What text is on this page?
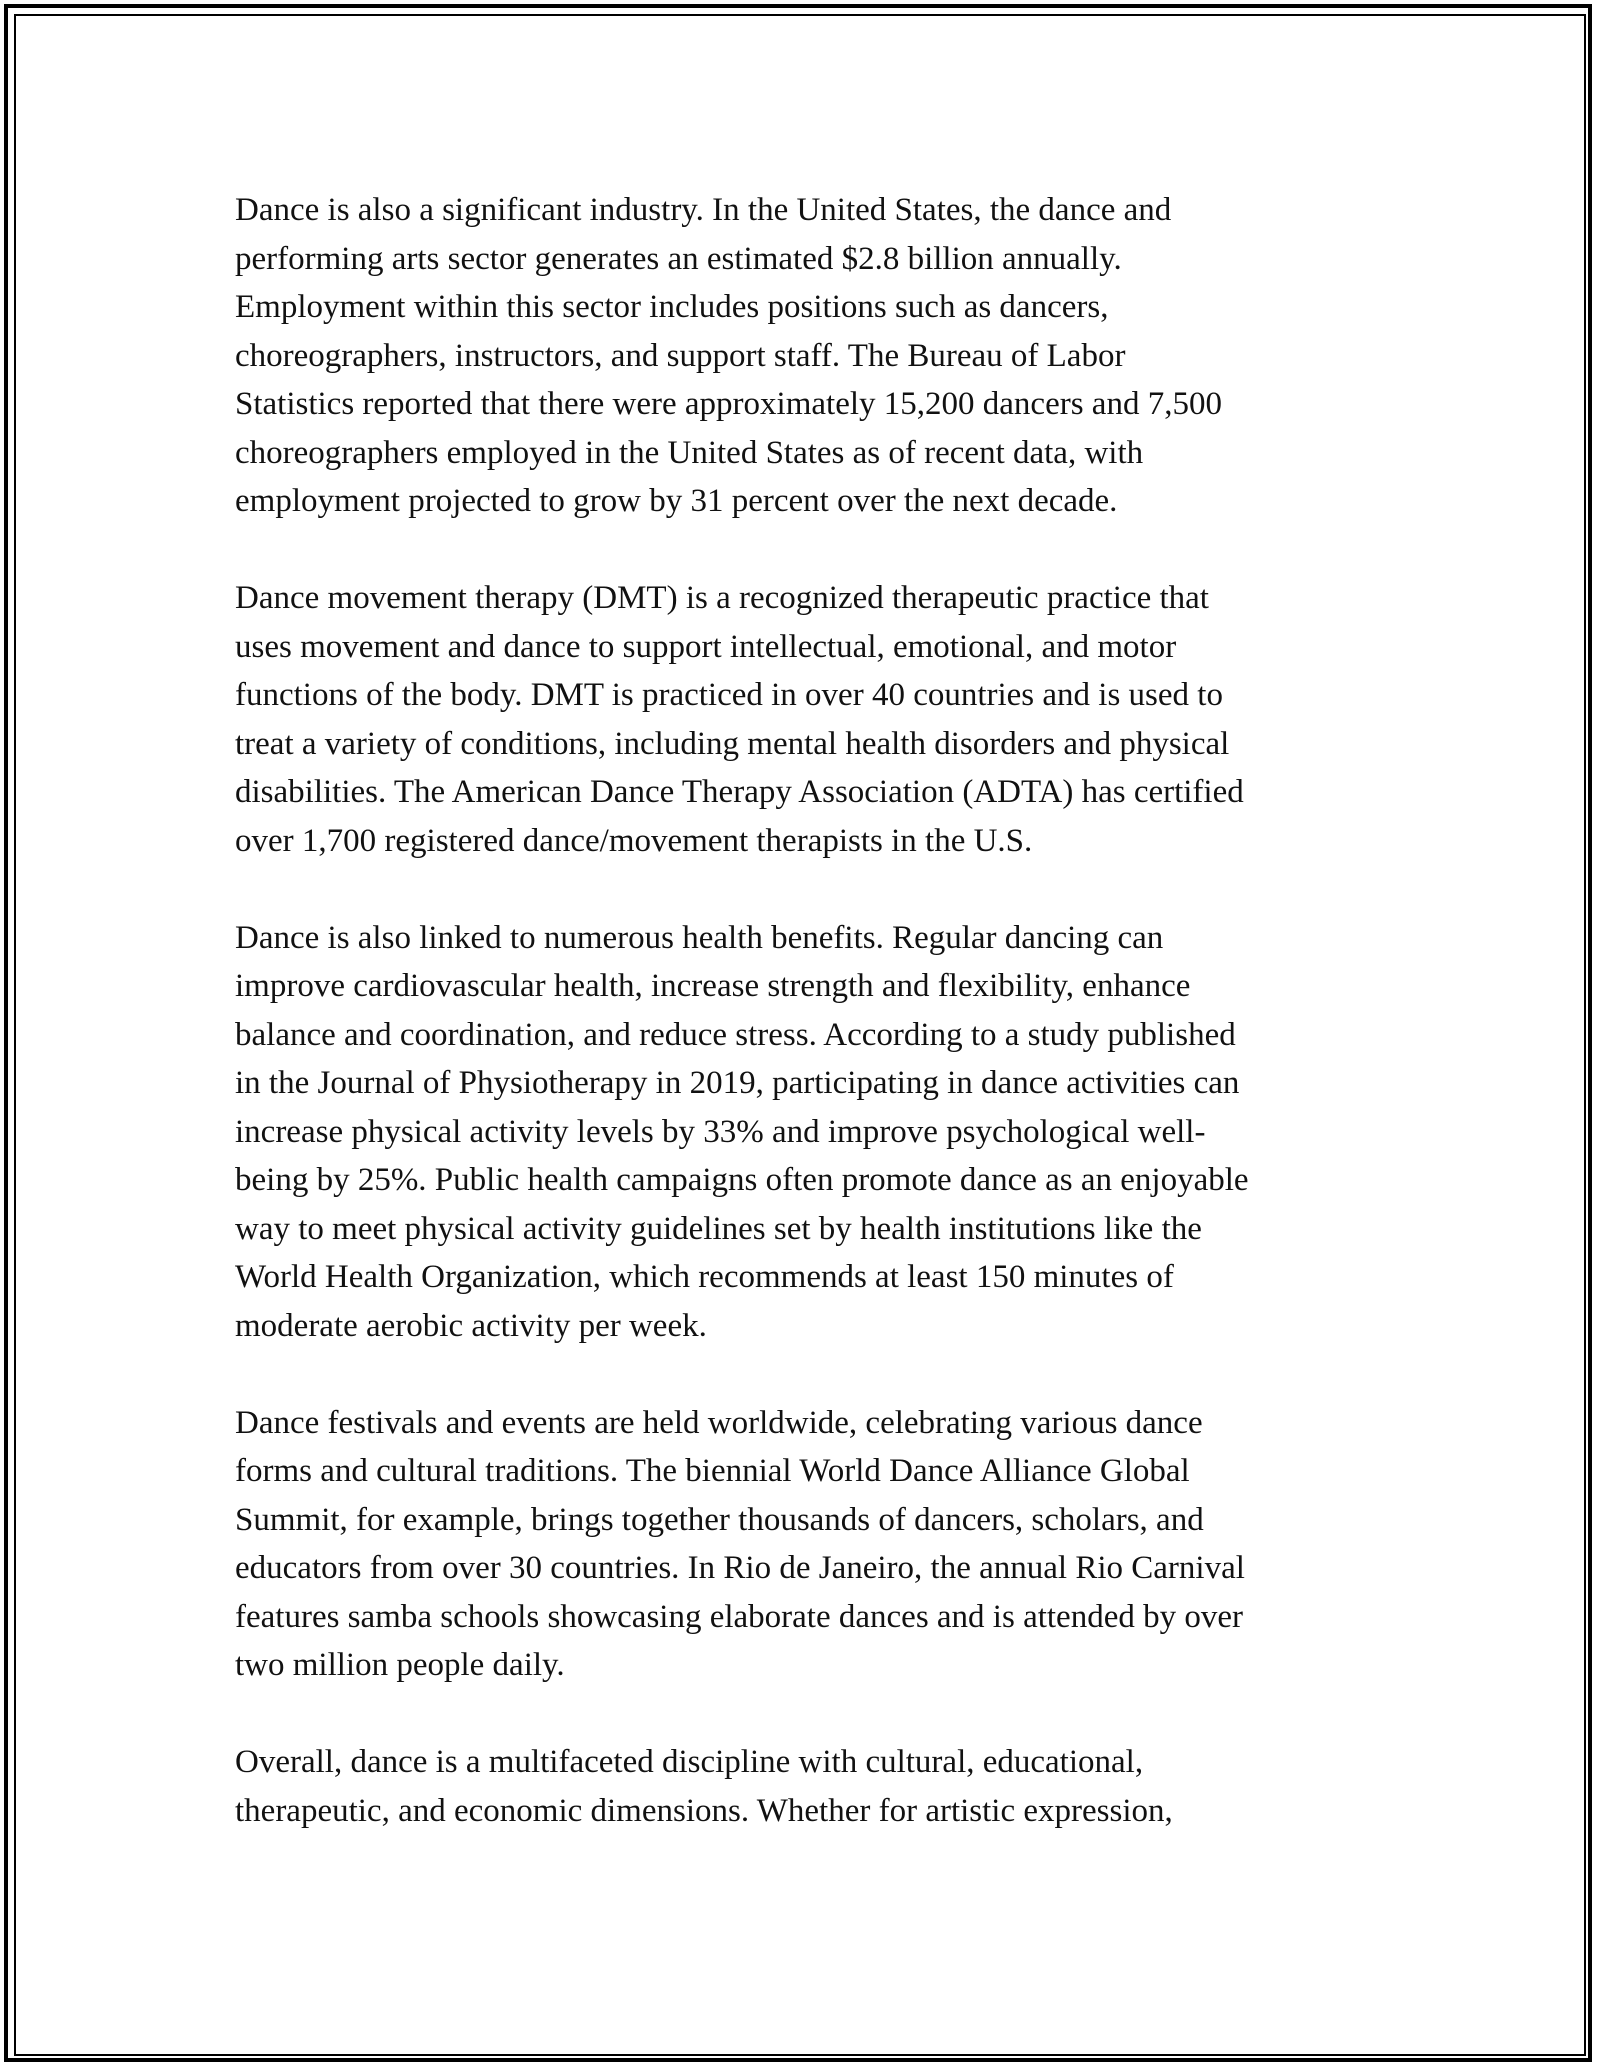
Dance is also a significant industry. In the United States, the dance and
performing arts sector generates an estimated $2.8 billion annually.
Employment within this sector includes positions such as dancers,
choreographers, instructors, and support staff. The Bureau of Labor
Statistics reported that there were approximately 15,200 dancers and 7,500
choreographers employed in the United States as of recent data, with
employment projected to grow by 31 percent over the next decade.

Dance movement therapy (DMT) is a recognized therapeutic practice that
uses movement and dance to support intellectual, emotional, and motor
functions of the body. DMT is practiced in over 40 countries and is used to
treat a variety of conditions, including mental health disorders and physical
disabilities. The American Dance Therapy Association (ADTA) has certified
over 1,700 registered dance/movement therapists in the U.S.

Dance is also linked to numerous health benefits. Regular dancing can
improve cardiovascular health, increase strength and flexibility, enhance
balance and coordination, and reduce stress. According to a study published
in the Journal of Physiotherapy in 2019, participating in dance activities can
increase physical activity levels by 33% and improve psychological well-
being by 25%. Public health campaigns often promote dance as an enjoyable
way to meet physical activity guidelines set by health institutions like the
World Health Organization, which recommends at least 150 minutes of
moderate aerobic activity per week.

Dance festivals and events are held worldwide, celebrating various dance
forms and cultural traditions. The biennial World Dance Alliance Global
Summit, for example, brings together thousands of dancers, scholars, and
educators from over 30 countries. In Rio de Janeiro, the annual Rio Carnival
features samba schools showcasing elaborate dances and is attended by over
two million people daily.

Overall, dance is a multifaceted discipline with cultural, educational,
therapeutic, and economic dimensions. Whether for artistic expression,
